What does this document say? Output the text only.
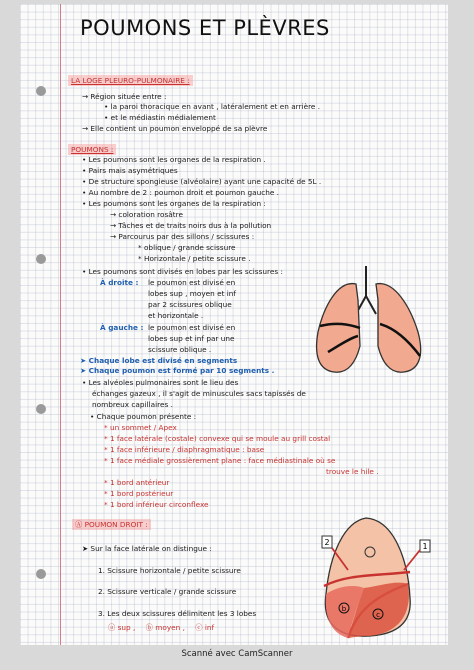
POUMONS ET PLÈVRES
LA LOGE PLEURO-PULMONAIRE :
→ Région située entre :
• la paroi thoracique en avant , latéralement et en arrière .
• et le médiastin médialement
→ Elle contient un poumon enveloppé de sa plèvre
POUMONS :
• Les poumons sont les organes de la respiration .
• Pairs mais asymétriques
• De structure spongieuse (alvéolaire) ayant une capacité de 5L .
• Au nombre de 2 : poumon droit et poumon gauche .
• Les poumons sont les organes de la respiration :
→ coloration rosâtre
→ Tâches et de traits noirs dus à la pollution
→ Parcourus par des sillons / scissures :
* oblique / grande scissure
* Horizontale / petite scissure .
• Les poumons sont divisés en lobes par les scissures :
À droite : le poumon est divisé en
lobes sup , moyen et inf
par 2 scissures oblique
et horizontale .
À gauche : le poumon est divisé en
lobes sup et inf par une
scissure oblique .
➤ Chaque lobe est divisé en segments
➤ Chaque poumon est formé par 10 segments .
• Les alvéoles pulmonaires sont le lieu des
échanges gazeux , il s'agit de minuscules sacs tapissés de
nombreux capillaires .
• Chaque poumon présente :
* un sommet / Apex
* 1 face latérale (costale) convexe qui se moule au grill costal
* 1 face inférieure / diaphragmatique : base
* 1 face médiale grossièrement plane : face médiastinale où se
trouve le hile .
* 1 bord antérieur
* 1 bord postérieur
* 1 bord inférieur circonflexe
Ⓐ POUMON DROIT :
➤ Sur la face latérale on distingue :
1. Scissure horizontale / petite scissure
2. Scissure verticale / grande scissure
3. Les deux scissures délimitent les 3 lobes
ⓐ sup , ⓑ moyen , ⓒ inf
2	1
b
c
Scanné avec CamScanner
